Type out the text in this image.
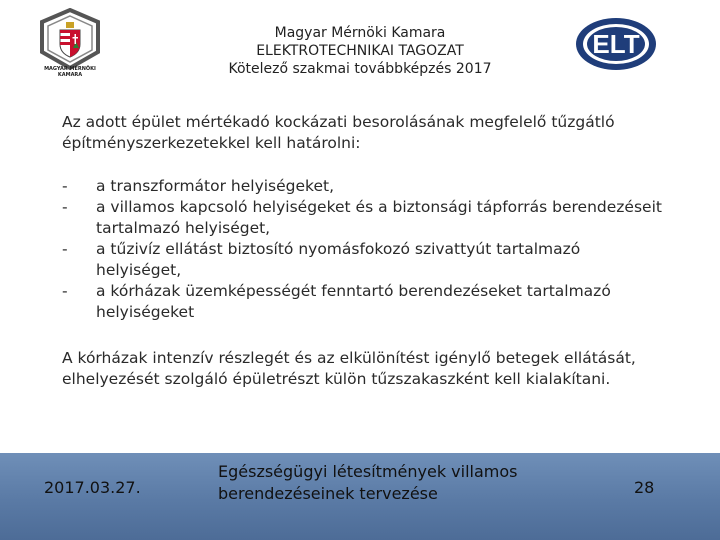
MAGYAR MÉRNÖKI
KAMARA
Magyar Mérnöki Kamara
ELEKTROTECHNIKAI TAGOZAT
Kötelező szakmai továbbképzés 2017
ELT

Az adott épület mértékadó kockázati besorolásának megfelelő tűzgátló építményszerkezetekkel kell határolni:

- a transzformátor helyiségeket,
- a villamos kapcsoló helyiségeket és a biztonsági tápforrás berendezéseit tartalmazó helyiséget,
- a tűzivíz ellátást biztosító nyomásfokozó szivattyút tartalmazó helyiséget,
- a kórházak üzemképességét fenntartó berendezéseket tartalmazó helyiségeket

A kórházak intenzív részlegét és az elkülönítést igénylő betegek ellátását, elhelyezését szolgáló épületrészt külön tűzszakaszként kell kialakítani.

2017.03.27.
Egészségügyi létesítmények villamos berendezéseinek tervezése	28
